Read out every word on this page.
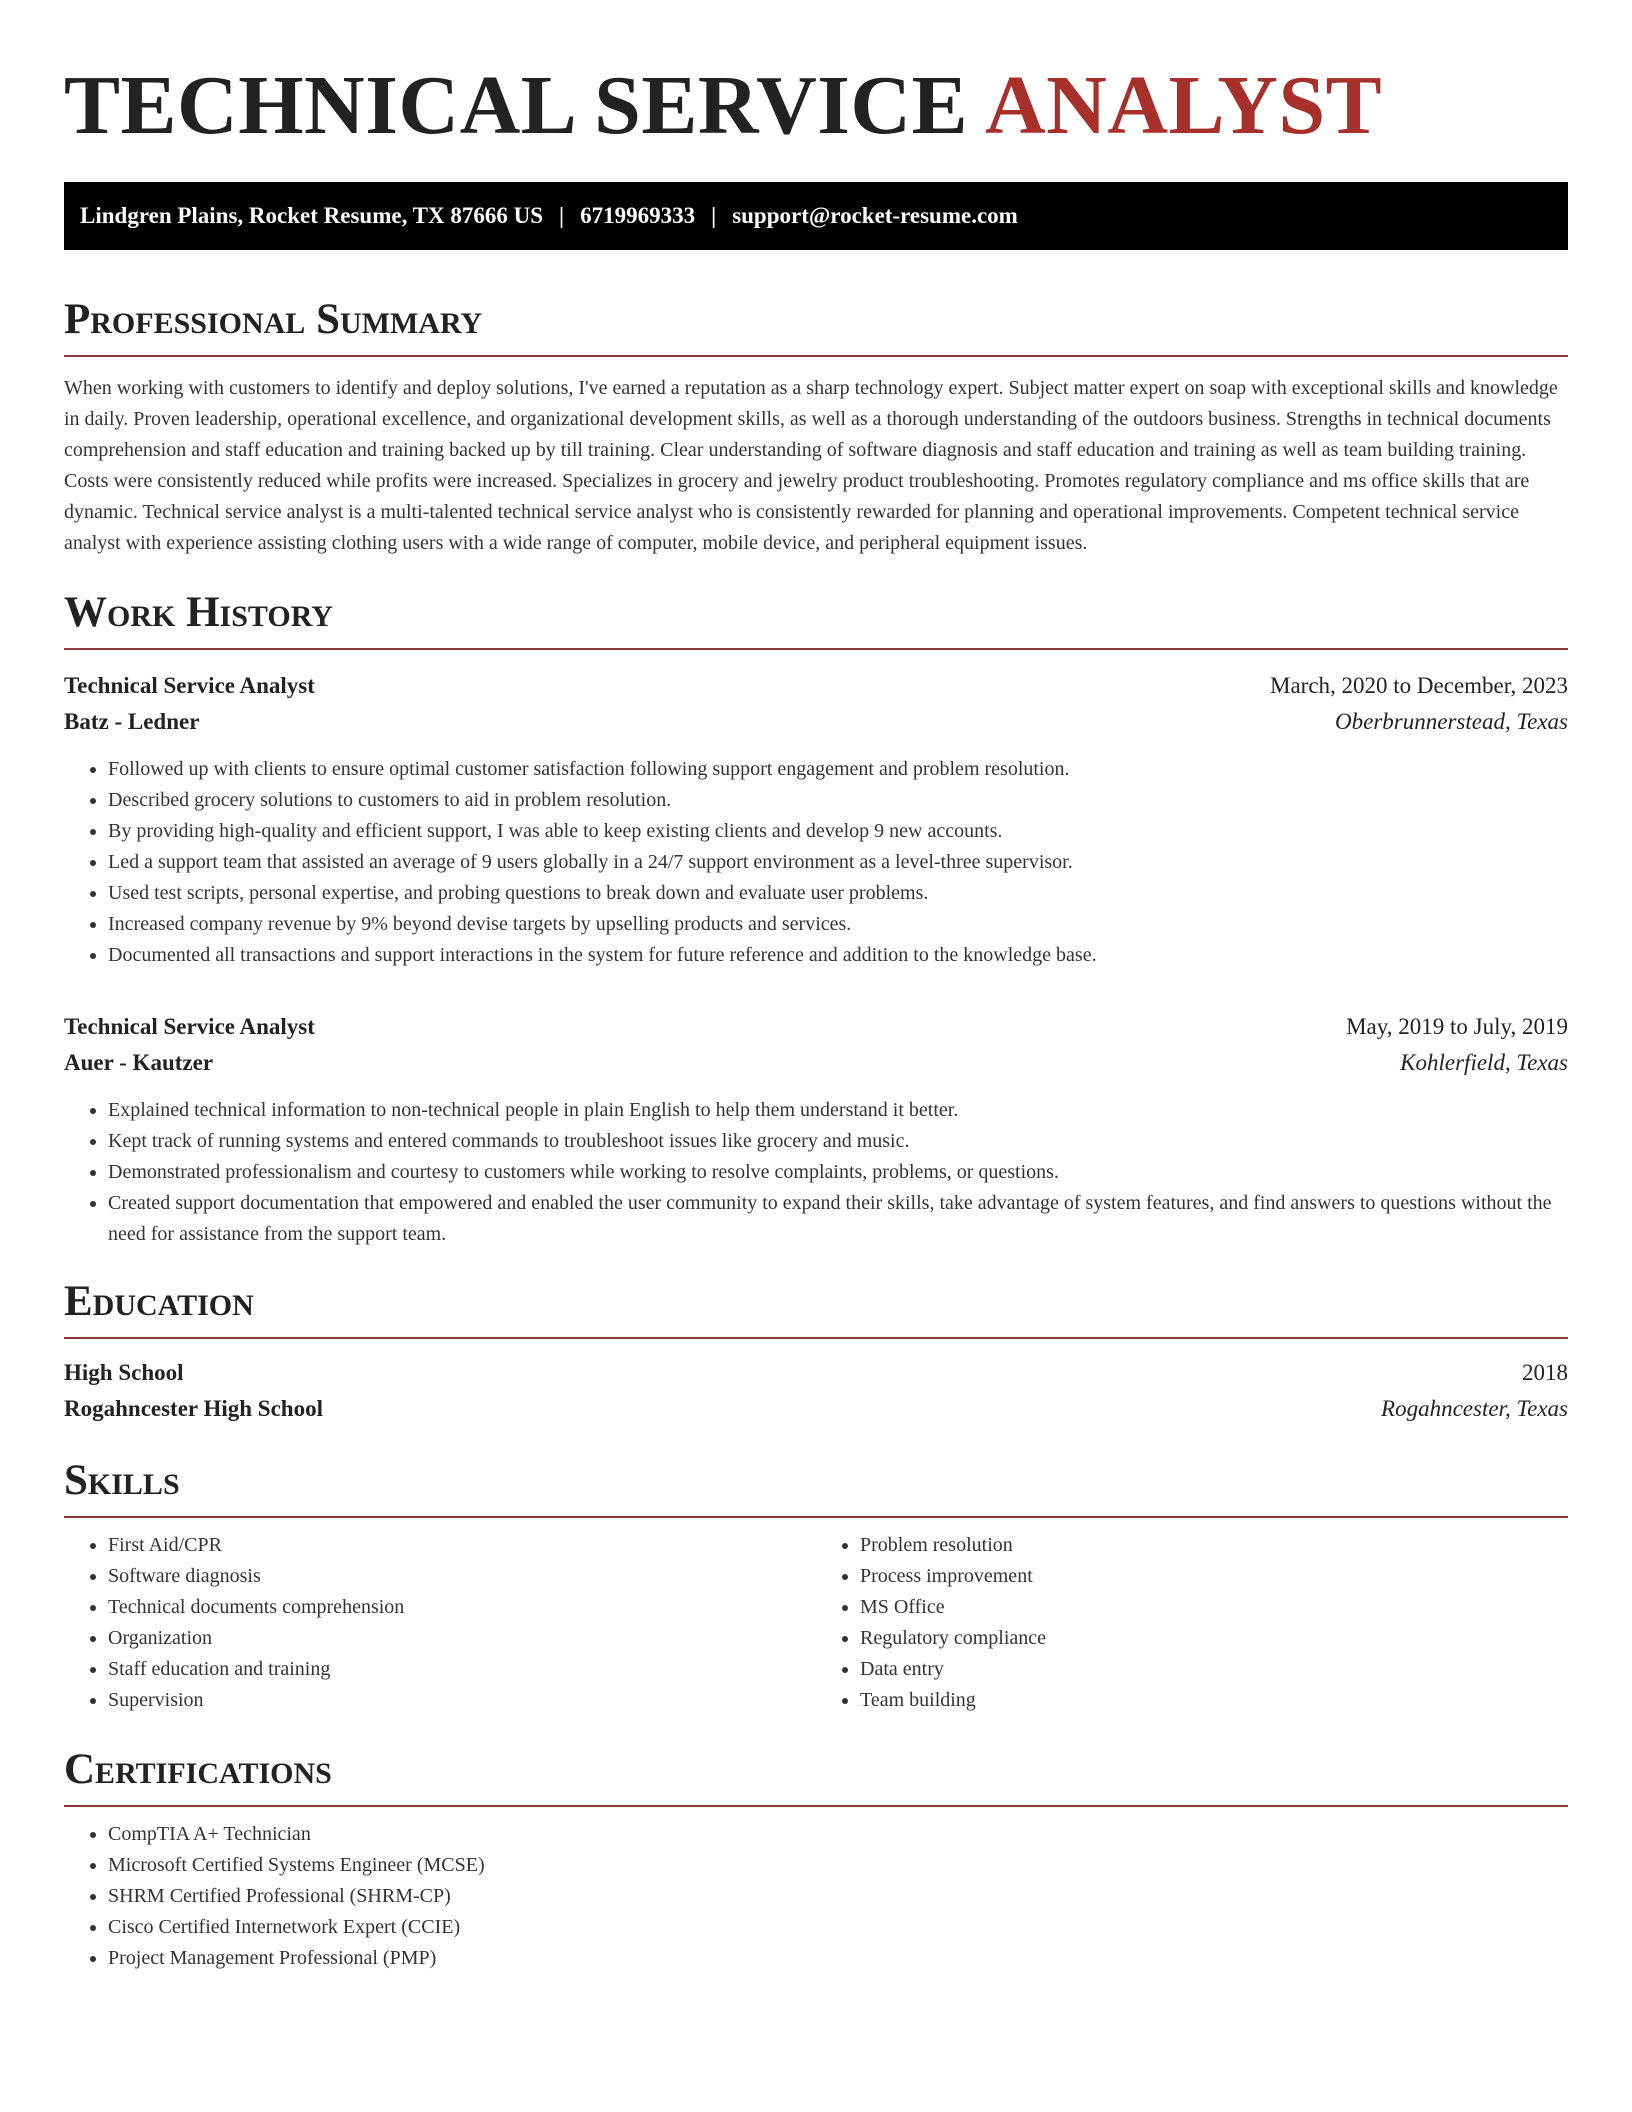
TECHNICAL SERVICE ANALYST
Lindgren Plains, Rocket Resume, TX 87666 US | 6719969333 | support@rocket-resume.com
Professional Summary

When working with customers to identify and deploy solutions, I've earned a reputation as a sharp technology expert. Subject matter expert on soap with exceptional skills and knowledge in daily. Proven leadership, operational excellence, and organizational development skills, as well as a thorough understanding of the outdoors business. Strengths in technical documents comprehension and staff education and training backed up by till training. Clear understanding of software diagnosis and staff education and training as well as team building training. Costs were consistently reduced while profits were increased. Specializes in grocery and jewelry product troubleshooting. Promotes regulatory compliance and ms office skills that are dynamic. Technical service analyst is a multi-talented technical service analyst who is consistently rewarded for planning and operational improvements. Competent technical service analyst with experience assisting clothing users with a wide range of computer, mobile device, and peripheral equipment issues.

Work History
Technical Service Analyst	March, 2020 to December, 2023
Batz - Ledner	Oberbrunnerstead, Texas
• Followed up with clients to ensure optimal customer satisfaction following support engagement and problem resolution.
• Described grocery solutions to customers to aid in problem resolution.
• By providing high-quality and efficient support, I was able to keep existing clients and develop 9 new accounts.
• Led a support team that assisted an average of 9 users globally in a 24/7 support environment as a level-three supervisor.
• Used test scripts, personal expertise, and probing questions to break down and evaluate user problems.
• Increased company revenue by 9% beyond devise targets by upselling products and services.
• Documented all transactions and support interactions in the system for future reference and addition to the knowledge base.
Technical Service Analyst	May, 2019 to July, 2019
Auer - Kautzer	Kohlerfield, Texas
• Explained technical information to non-technical people in plain English to help them understand it better.
• Kept track of running systems and entered commands to troubleshoot issues like grocery and music.
• Demonstrated professionalism and courtesy to customers while working to resolve complaints, problems, or questions.
• Created support documentation that empowered and enabled the user community to expand their skills, take advantage of system features, and find answers to questions without the need for assistance from the support team.
Education
High School	2018
Rogahncester High School	Rogahncester, Texas
Skills
• First Aid/CPR
• Software diagnosis
• Technical documents comprehension
• Organization
• Staff education and training
• Supervision
• Problem resolution
• Process improvement
• MS Office
• Regulatory compliance
• Data entry
• Team building
Certifications
• CompTIA A+ Technician
• Microsoft Certified Systems Engineer (MCSE)
• SHRM Certified Professional (SHRM-CP)
• Cisco Certified Internetwork Expert (CCIE)
• Project Management Professional (PMP)
